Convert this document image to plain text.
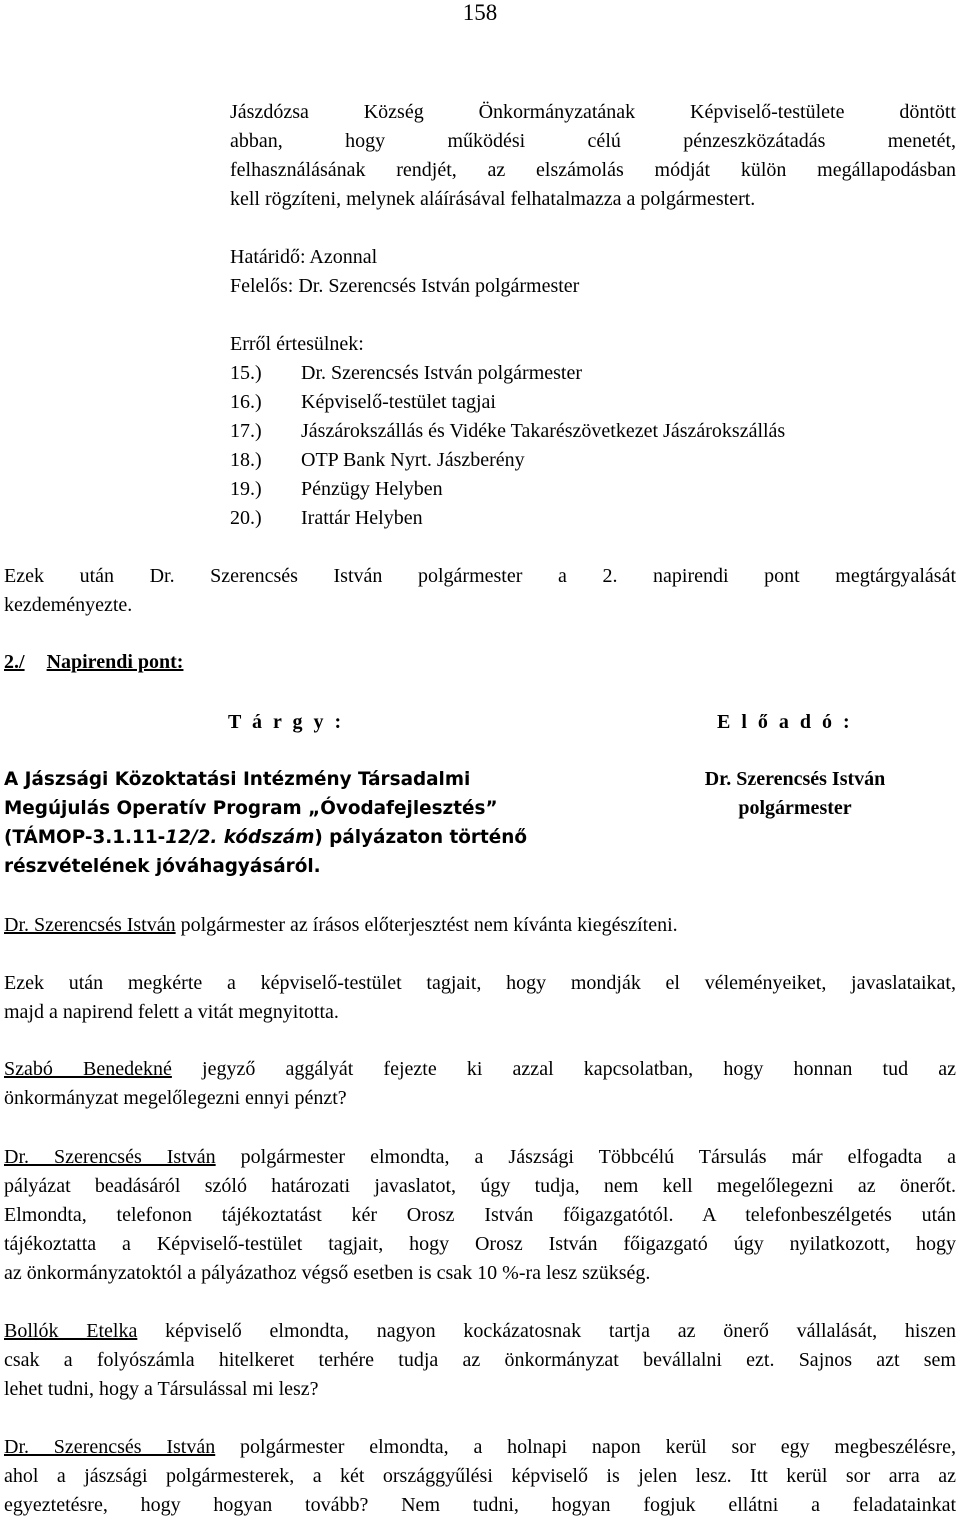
158
Jászdózsa Község Önkormányzatának Képviselő-testülete döntött
abban, hogy működési célú pénzeszközátadás menetét,
felhasználásának rendjét, az elszámolás módját külön megállapodásban
kell rögzíteni, melynek aláírásával felhatalmazza a polgármestert.
Határidő: Azonnal
Felelős: Dr. Szerencsés István polgármester
Erről értesülnek:
15.) Dr. Szerencsés István polgármester
16.) Képviselő-testület tagjai
17.) Jászárokszállás és Vidéke Takarészövetkezet Jászárokszállás
18.) OTP Bank Nyrt. Jászberény
19.) Pénzügy Helyben
20.) Irattár Helyben
Ezek után Dr. Szerencsés István polgármester a 2. napirendi pont megtárgyalását
kezdeményezte.
2./ Napirendi pont:
T á r g y :	E l ő a d ó :
A Jászsági Közoktatási Intézmény Társadalmi
Megújulás Operatív Program „Óvodafejlesztés”
(TÁMOP-3.1.11-12/2. kódszám) pályázaton történő
részvételének jóváhagyásáról.
Dr. Szerencsés István
polgármester
Dr. Szerencsés István polgármester az írásos előterjesztést nem kívánta kiegészíteni.
Ezek után megkérte a képviselő-testület tagjait, hogy mondják el véleményeiket, javaslataikat,
majd a napirend felett a vitát megnyitotta.
Szabó Benedekné jegyző aggályát fejezte ki azzal kapcsolatban, hogy honnan tud az
önkormányzat megelőlegezni ennyi pénzt?
Dr. Szerencsés István polgármester elmondta, a Jászsági Többcélú Társulás már elfogadta a
pályázat beadásáról szóló határozati javaslatot, úgy tudja, nem kell megelőlegezni az önerőt.
Elmondta, telefonon tájékoztatást kér Orosz István főigazgatótól. A telefonbeszélgetés után
tájékoztatta a Képviselő-testület tagjait, hogy Orosz István főigazgató úgy nyilatkozott, hogy
az önkormányzatoktól a pályázathoz végső esetben is csak 10 %-ra lesz szükség.
Bollók Etelka képviselő elmondta, nagyon kockázatosnak tartja az önerő vállalását, hiszen
csak a folyószámla hitelkeret terhére tudja az önkormányzat bevállalni ezt. Sajnos azt sem
lehet tudni, hogy a Társulással mi lesz?
Dr. Szerencsés István polgármester elmondta, a holnapi napon kerül sor egy megbeszélésre,
ahol a jászsági polgármesterek, a két országgyűlési képviselő is jelen lesz. Itt kerül sor arra az
egyeztetésre, hogy hogyan tovább? Nem tudni, hogyan fogjuk ellátni a feladatainkat
